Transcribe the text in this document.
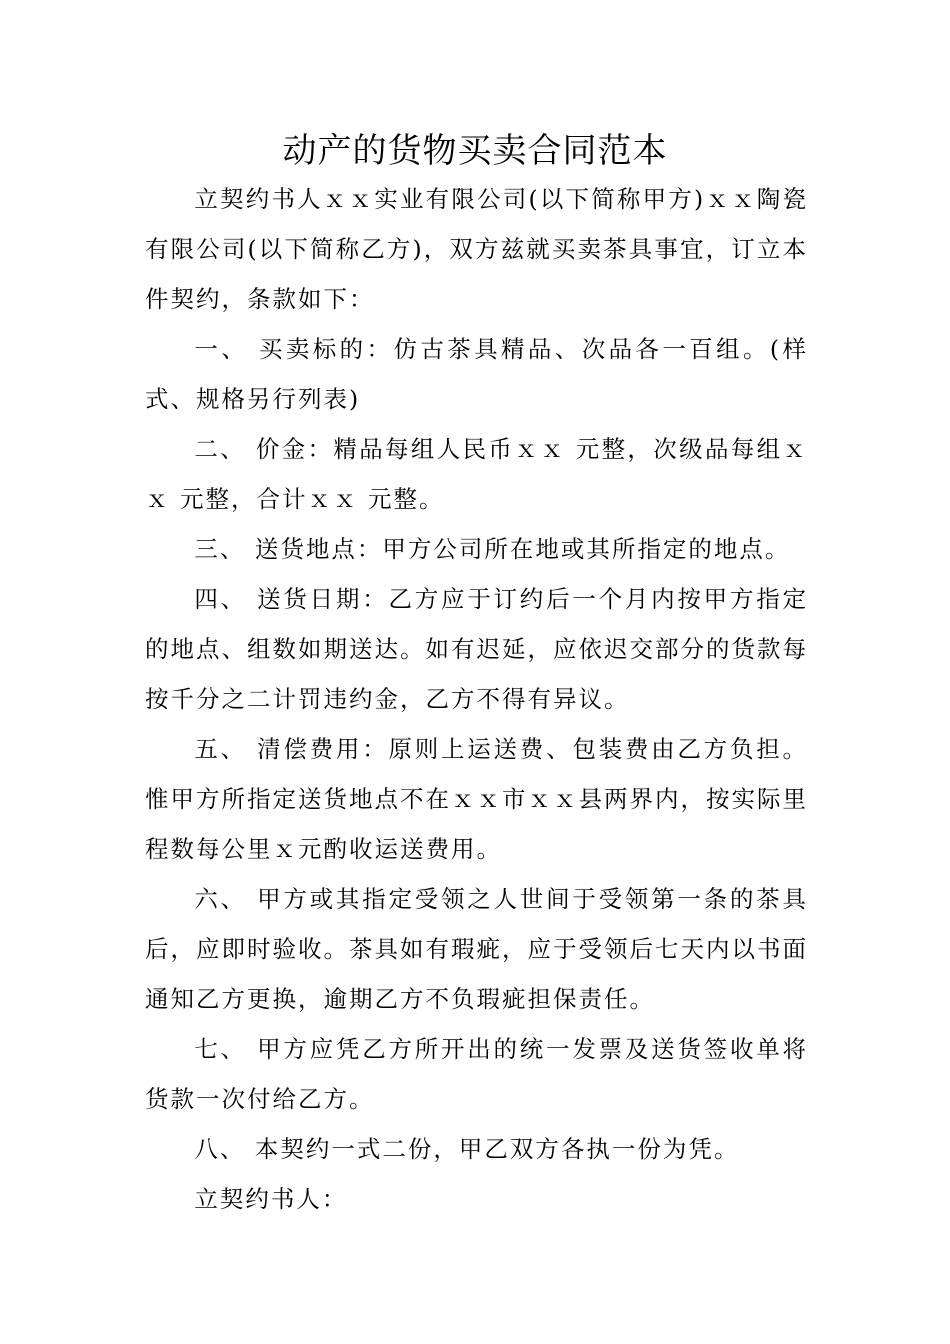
动产的货物买卖合同范本

立契约书人ｘｘ实业有限公司(以下简称甲方)ｘｘ陶瓷有限公司(以下简称乙方)，双方兹就买卖茶具事宜，订立本件契约，条款如下：

一、 买卖标的：仿古茶具精品、次品各一百组。(样式、规格另行列表)

二、 价金：精品每组人民币ｘｘ 元整，次级品每组ｘｘ 元整，合计ｘｘ 元整。

三、 送货地点：甲方公司所在地或其所指定的地点。

四、 送货日期：乙方应于订约后一个月内按甲方指定的地点、组数如期送达。如有迟延，应依迟交部分的货款每按千分之二计罚违约金，乙方不得有异议。

五、 清偿费用：原则上运送费、包装费由乙方负担。惟甲方所指定送货地点不在ｘｘ市ｘｘ县两界内，按实际里程数每公里ｘ元酌收运送费用。

六、 甲方或其指定受领之人世间于受领第一条的茶具后，应即时验收。茶具如有瑕疵，应于受领后七天内以书面通知乙方更换，逾期乙方不负瑕疵担保责任。

七、 甲方应凭乙方所开出的统一发票及送货签收单将货款一次付给乙方。

八、 本契约一式二份，甲乙双方各执一份为凭。

立契约书人：
